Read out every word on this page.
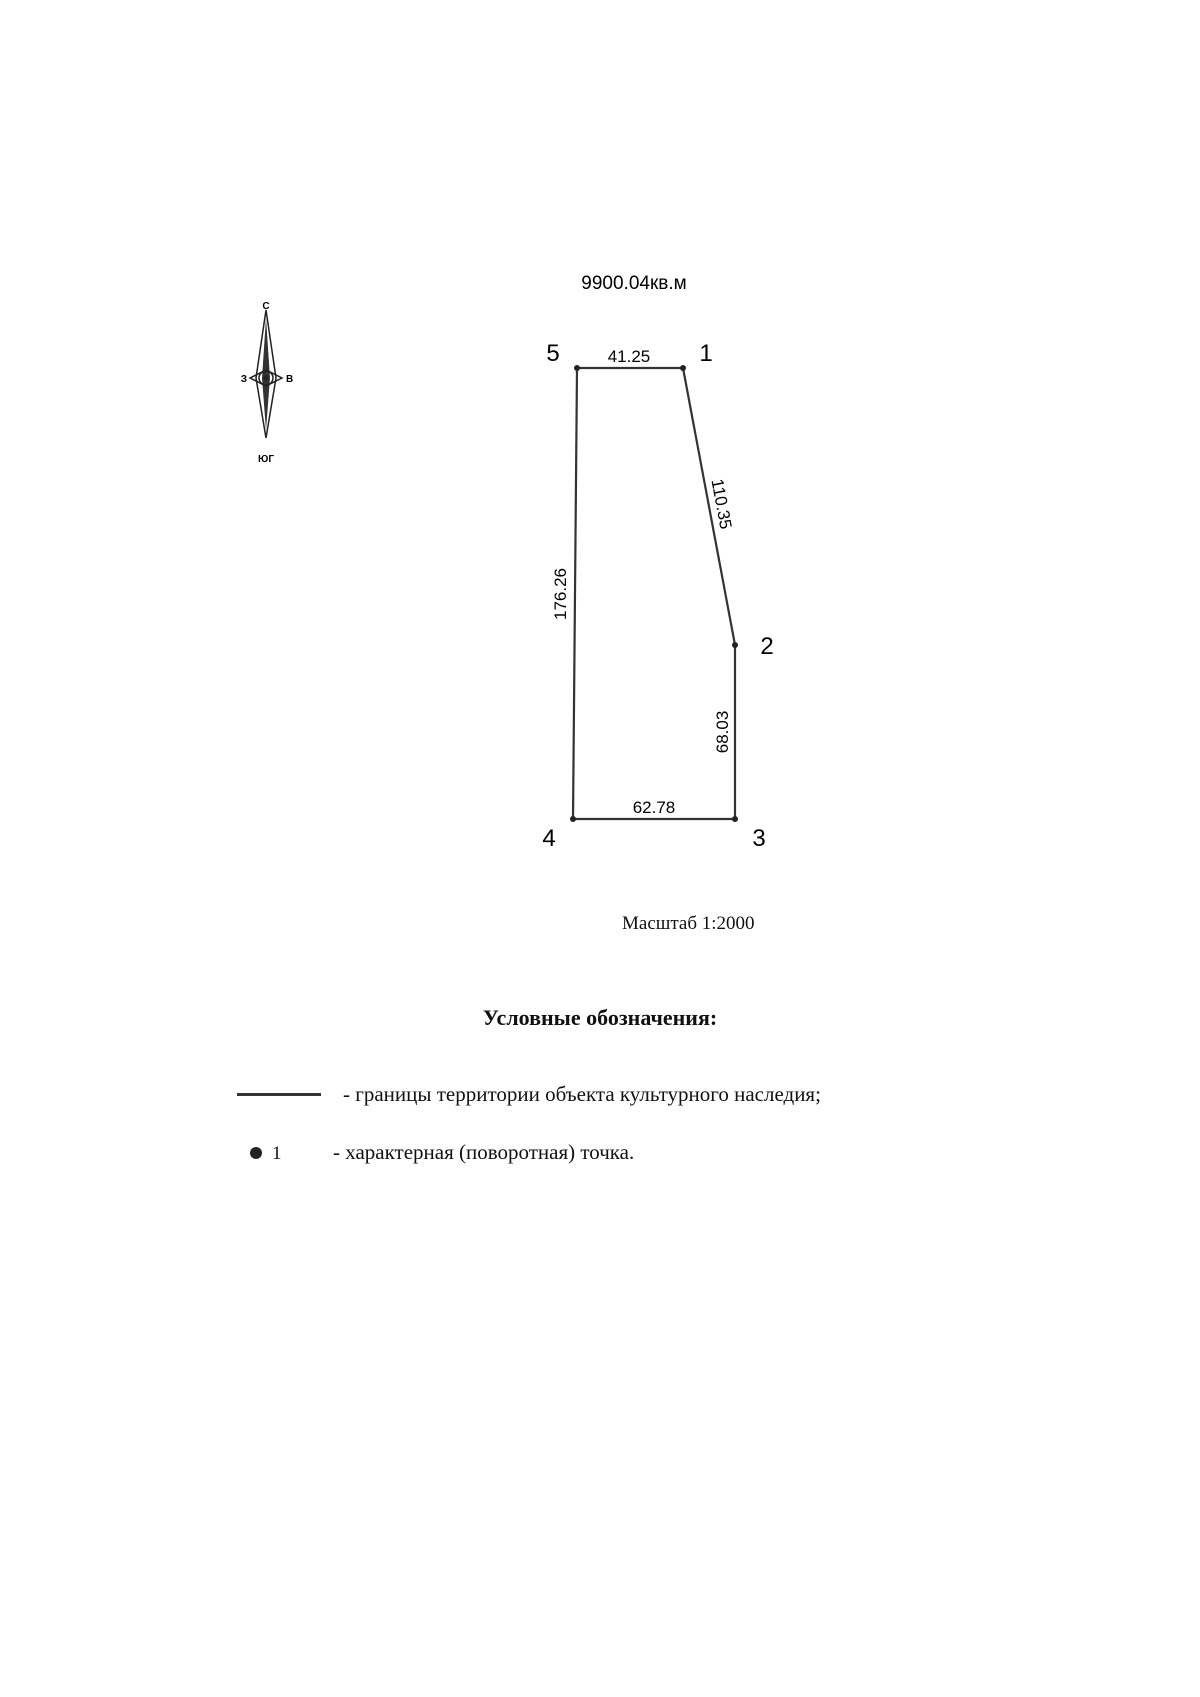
С
ЮГ
З	В
9900.04кв.м
1
2
3
4
5	41.25
110.35
68.03
62.78
176.26
Масштаб 1:2000
Условные обозначения:
- границы территории объекта культурного наследия;
1 - характерная (поворотная) точка.
